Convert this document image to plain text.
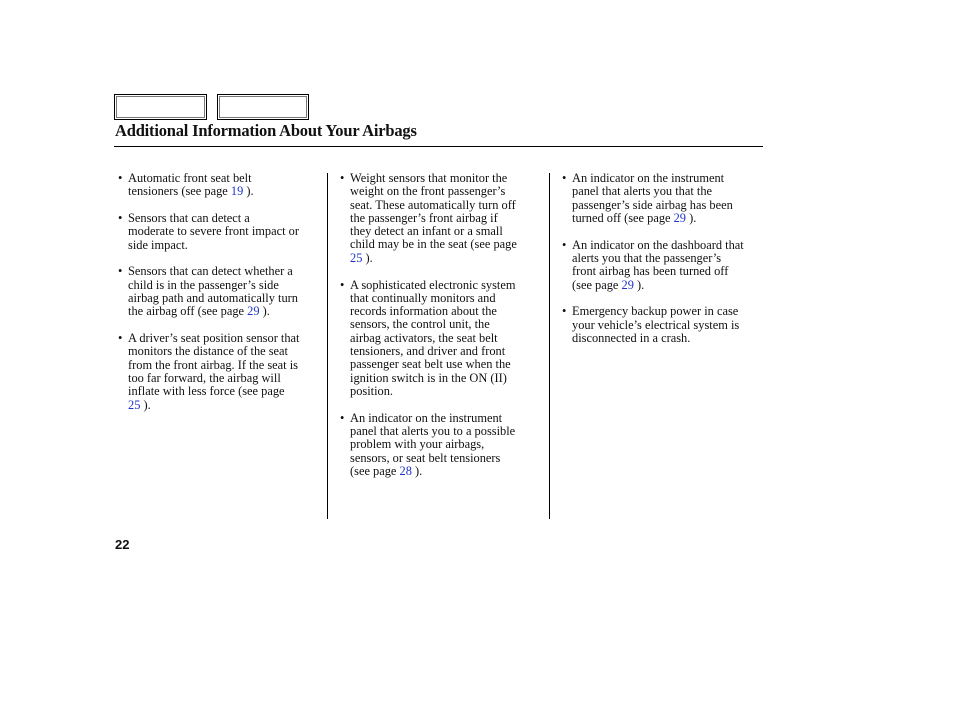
Additional Information About Your Airbags
• Automatic front seat belt
tensioners (see page 19 ).
• Sensors that can detect a
moderate to severe front impact or
side impact.
• Sensors that can detect whether a
child is in the passenger’s side
airbag path and automatically turn
the airbag off (see page 29 ).
• A driver’s seat position sensor that
monitors the distance of the seat
from the front airbag. If the seat is
too far forward, the airbag will
inflate with less force (see page
25 ).
• Weight sensors that monitor the
weight on the front passenger’s
seat. These automatically turn off
the passenger’s front airbag if
they detect an infant or a small
child may be in the seat (see page
25 ).
• A sophisticated electronic system
that continually monitors and
records information about the
sensors, the control unit, the
airbag activators, the seat belt
tensioners, and driver and front
passenger seat belt use when the
ignition switch is in the ON (II)
position.
• An indicator on the instrument
panel that alerts you to a possible
problem with your airbags,
sensors, or seat belt tensioners
(see page 28 ).
• An indicator on the instrument
panel that alerts you that the
passenger’s side airbag has been
turned off (see page 29 ).
• An indicator on the dashboard that
alerts you that the passenger’s
front airbag has been turned off
(see page 29 ).
• Emergency backup power in case
your vehicle’s electrical system is
disconnected in a crash.
22
